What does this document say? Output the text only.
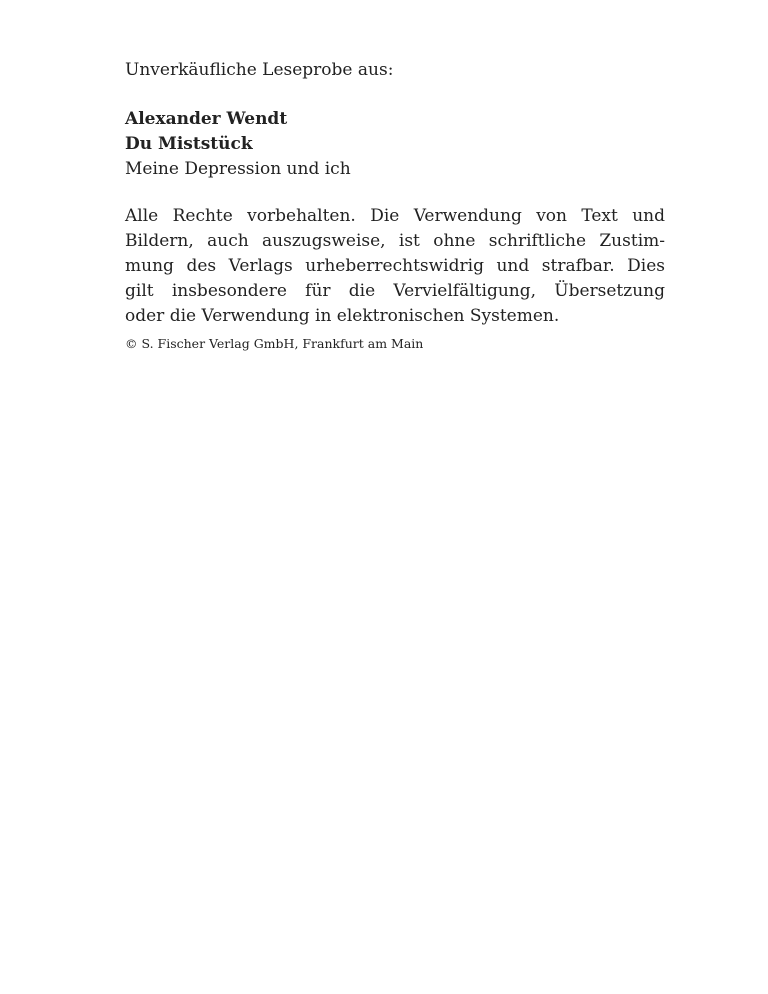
Unverkäufliche Leseprobe aus:

Alexander Wendt

Du Miststück

Meine Depression und ich

Alle Rechte vorbehalten. Die Verwendung von Text und
Bildern, auch auszugsweise, ist ohne schriftliche Zustim-
mung des Verlags urheberrechtswidrig und strafbar. Dies
gilt insbesondere für die Vervielfältigung, Übersetzung
oder die Verwendung in elektronischen Systemen.

© S. Fischer Verlag GmbH, Frankfurt am Main
